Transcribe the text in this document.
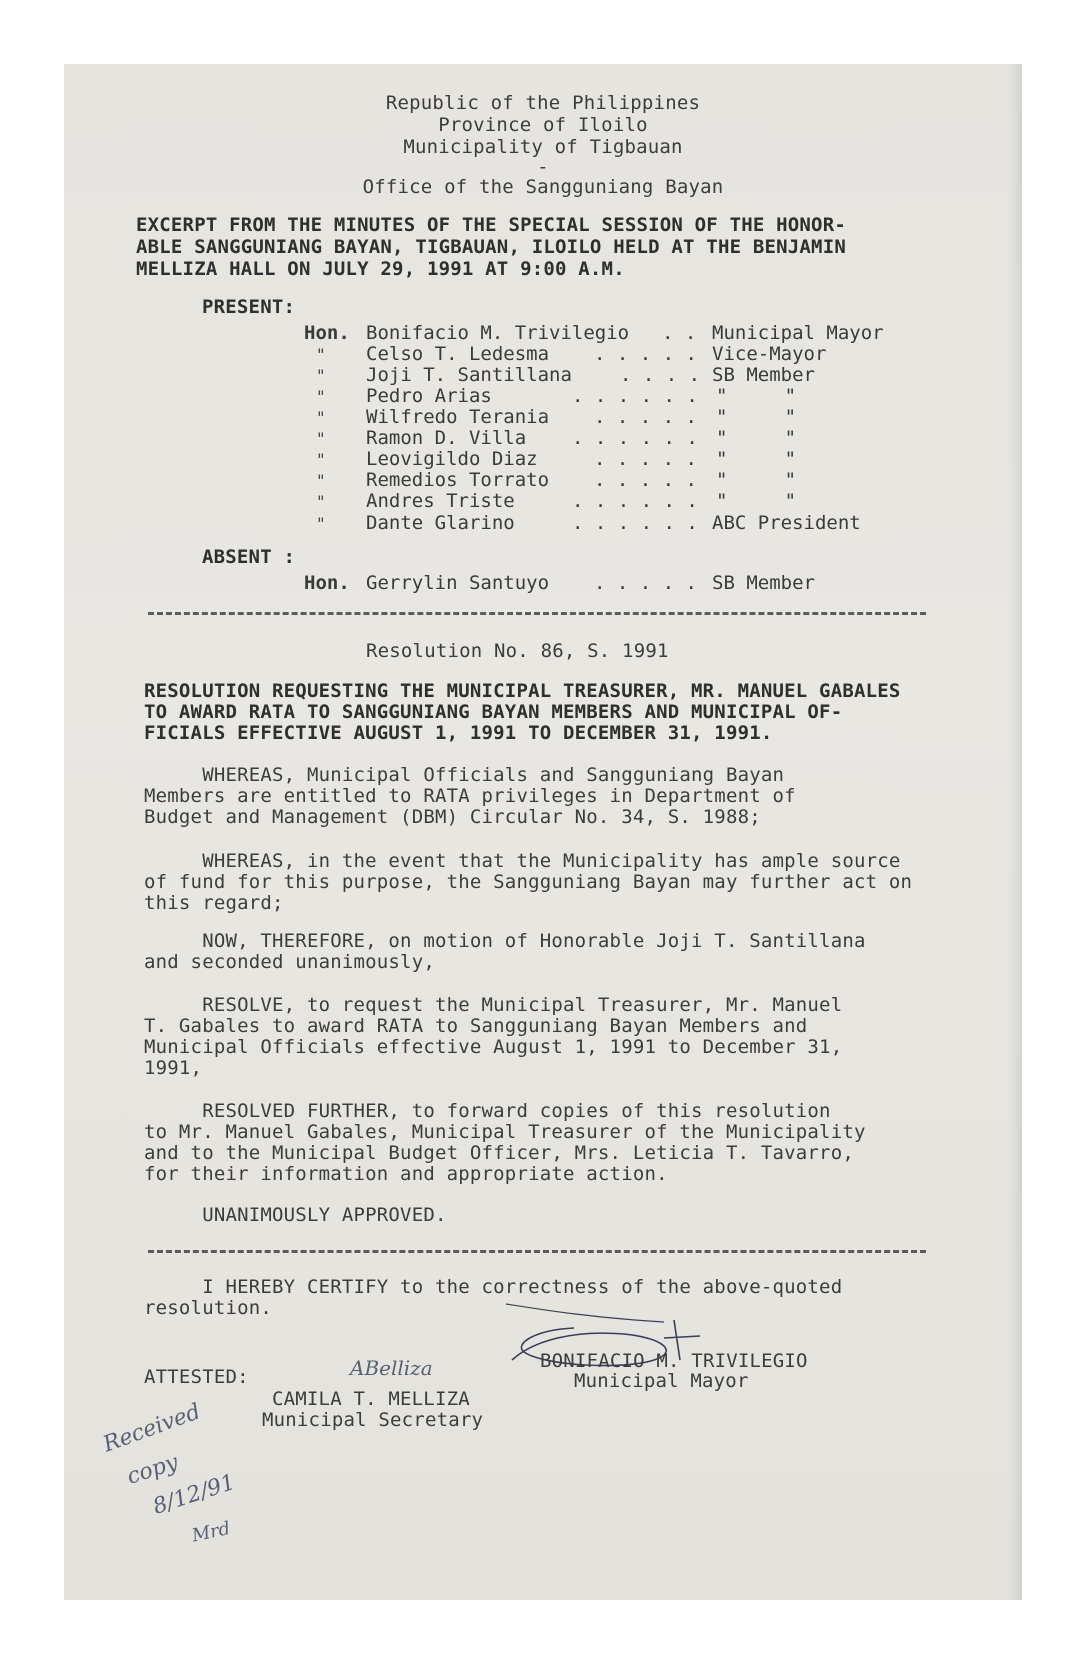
Republic of the Philippines
Province of Iloilo
Municipality of Tigbauan
-
Office of the Sangguniang Bayan
EXCERPT FROM THE MINUTES OF THE SPECIAL SESSION OF THE HONOR-
ABLE SANGGUNIANG BAYAN, TIGBAUAN, ILOILO HELD AT THE BENJAMIN
MELLIZA HALL ON JULY 29, 1991 AT 9:00 A.M.
PRESENT:
Hon. Bonifacio M. Trivilegio . . Municipal Mayor
" Celso T. Ledesma . . . . . Vice-Mayor
" Joji T. Santillana	. . . . SB Member
" Pedro Arias	. . . . . . "     "
" Wilfredo Terania . . . . . "     "
" Ramon D. Villa . . . . . . "     "
" Leovigildo Diaz	. . . . . "     "
" Remedios Torrato . . . . . "     "
" Andres Triste	. . . . . . "     "
" Dante Glarino	. . . . . . ABC President
ABSENT :
Hon. Gerrylin Santuyo . . . . . SB Member
Resolution No. 86, S. 1991
RESOLUTION REQUESTING THE MUNICIPAL TREASURER, MR. MANUEL GABALES
TO AWARD RATA TO SANGGUNIANG BAYAN MEMBERS AND MUNICIPAL OF-
FICIALS EFFECTIVE AUGUST 1, 1991 TO DECEMBER 31, 1991.
WHEREAS, Municipal Officials and Sangguniang Bayan
Members are entitled to RATA privileges in Department of
Budget and Management (DBM) Circular No. 34, S. 1988;
WHEREAS, in the event that the Municipality has ample source
of fund for this purpose, the Sangguniang Bayan may further act on
this regard;
NOW, THEREFORE, on motion of Honorable Joji T. Santillana
and seconded unanimously,
RESOLVE, to request the Municipal Treasurer, Mr. Manuel
T. Gabales to award RATA to Sangguniang Bayan Members and
Municipal Officials effective August 1, 1991 to December 31,
1991,
RESOLVED FURTHER, to forward copies of this resolution
to Mr. Manuel Gabales, Municipal Treasurer of the Municipality
and to the Municipal Budget Officer, Mrs. Leticia T. Tavarro,
for their information and appropriate action.
UNANIMOUSLY APPROVED.
I HEREBY CERTIFY to the correctness of the above-quoted
resolution.
BONIFACIO M. TRIVILEGIO
Municipal Mayor
ATTESTED:	ABelliza
CAMILA T. MELLIZA
Municipal Secretary
Received
copy
8/12/91
Mrd
